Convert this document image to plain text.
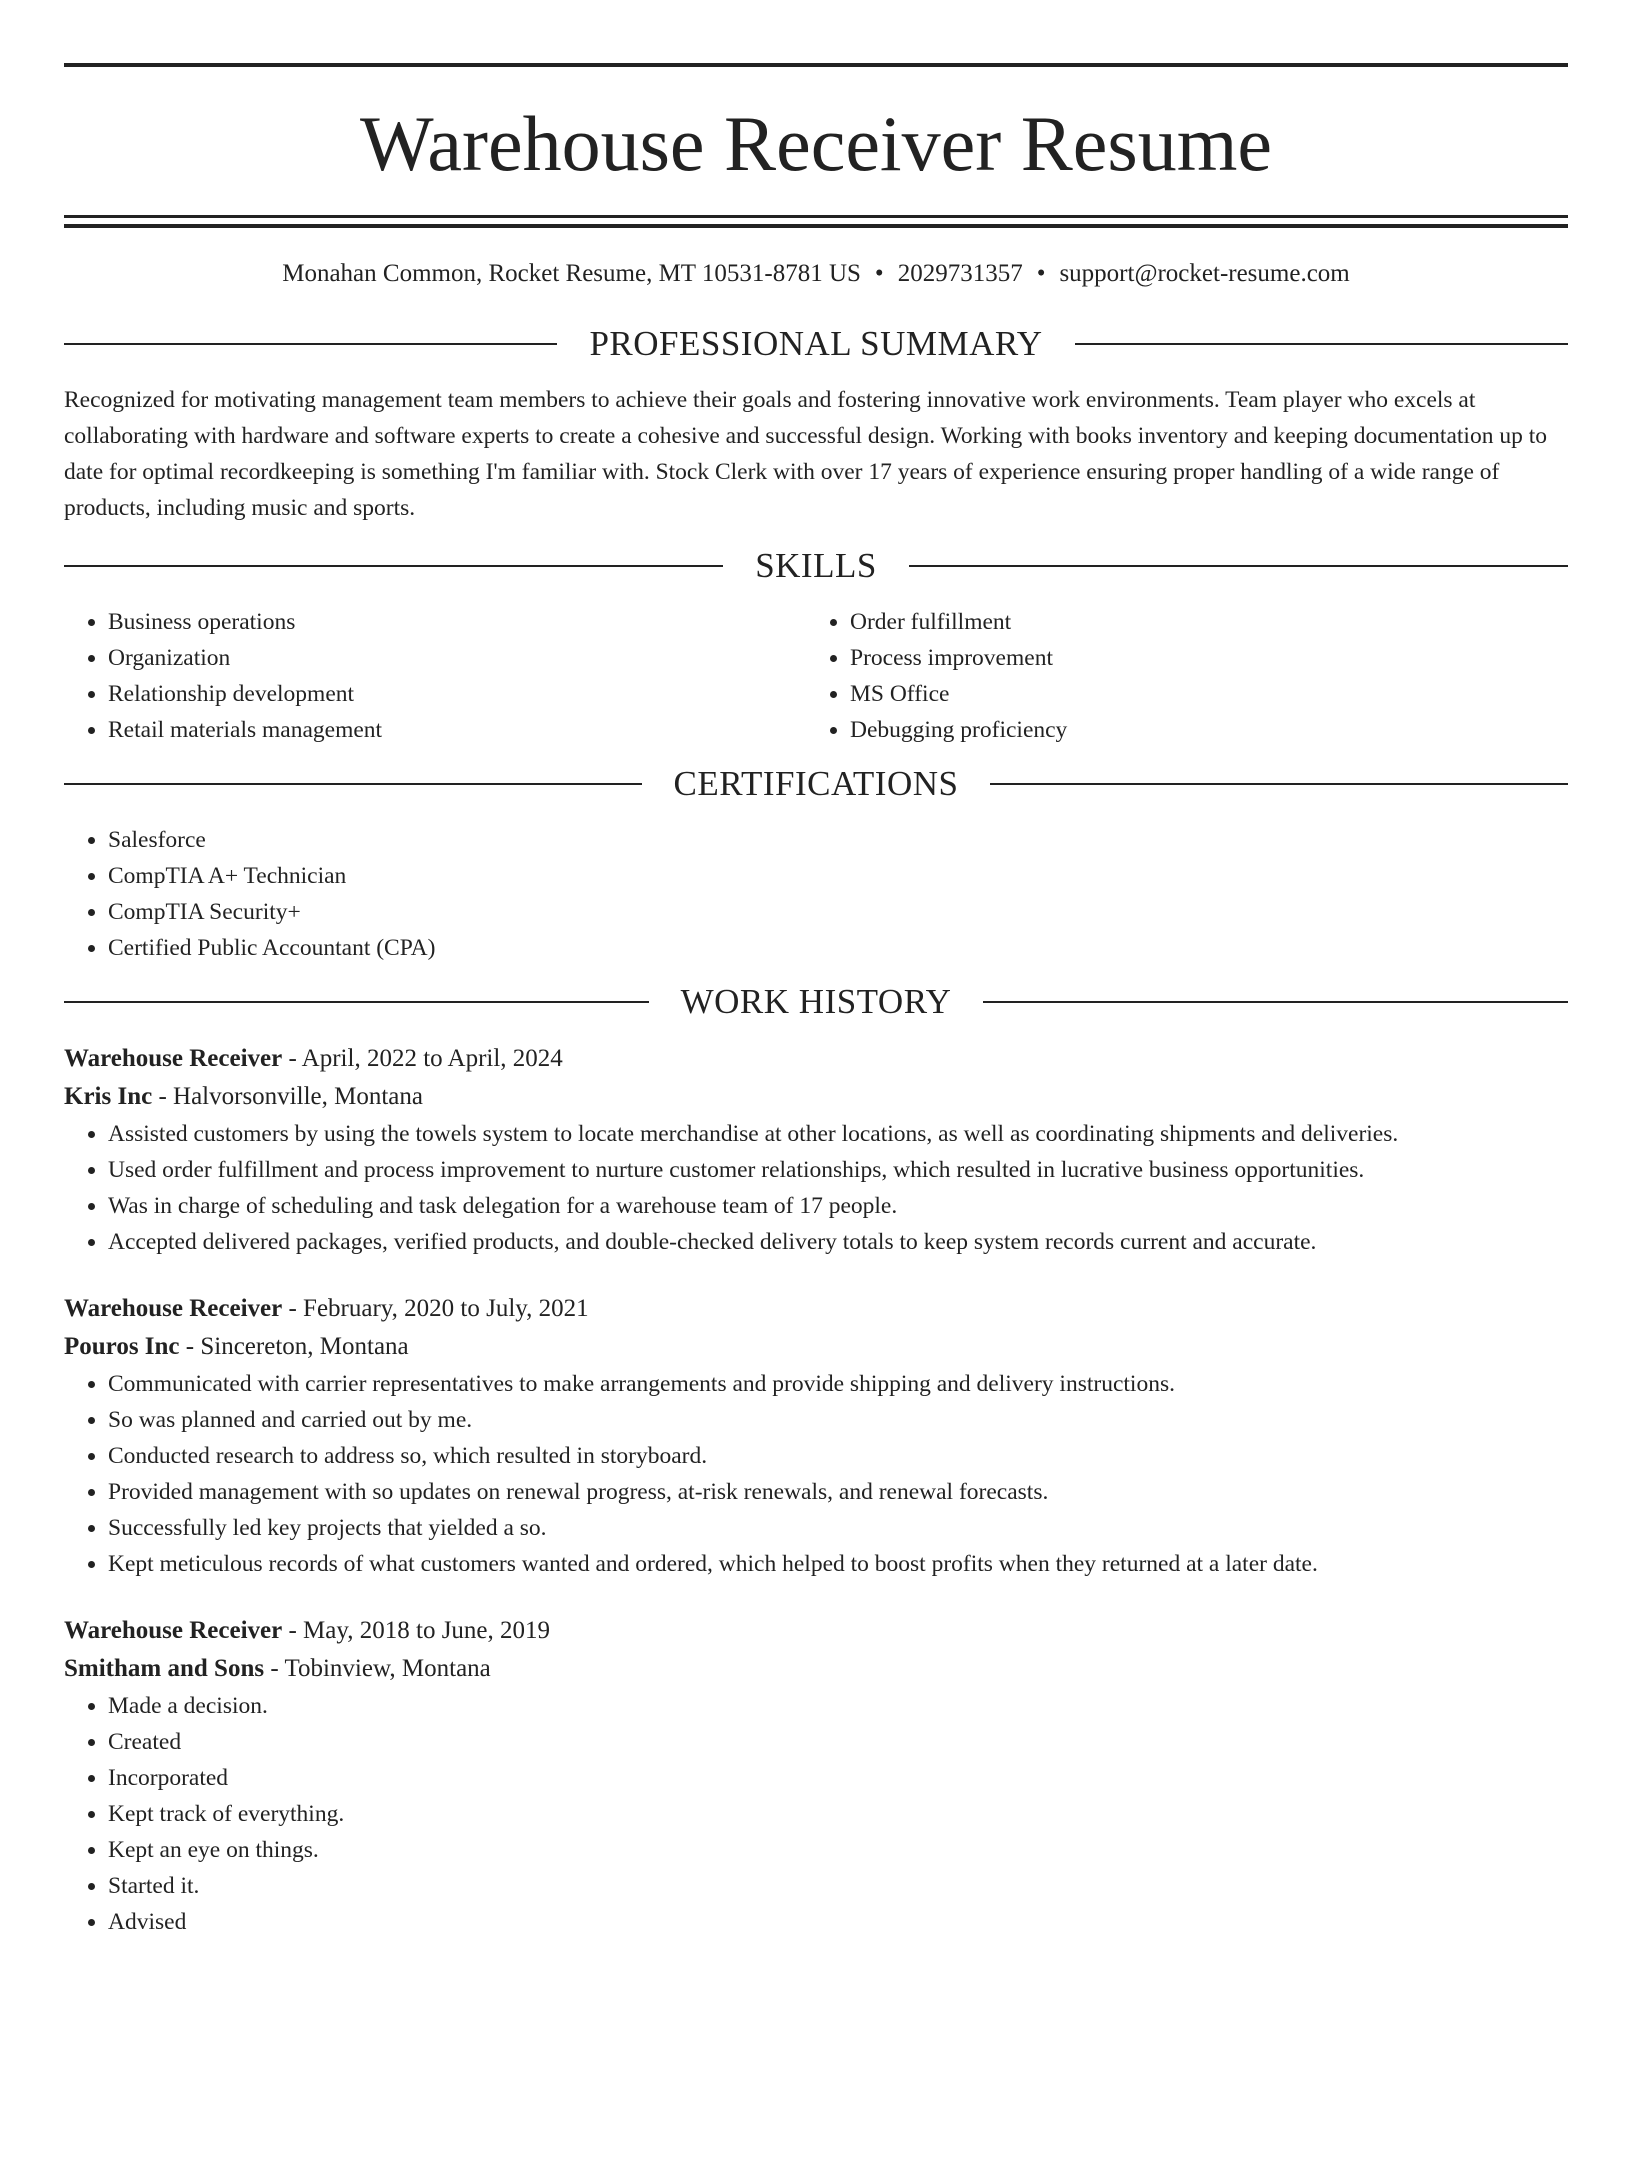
Warehouse Receiver Resume
Monahan Common, Rocket Resume, MT 10531-8781 US • 2029731357 • support@rocket-resume.com
PROFESSIONAL SUMMARY
Recognized for motivating management team members to achieve their goals and fostering innovative work environments. Team player who excels at collaborating with hardware and software experts to create a cohesive and successful design. Working with books inventory and keeping documentation up to date for optimal recordkeeping is something I'm familiar with. Stock Clerk with over 17 years of experience ensuring proper handling of a wide range of products, including music and sports.
SKILLS
• Business operations
• Organization
• Relationship development
• Retail materials management
• Order fulfillment
• Process improvement
• MS Office
• Debugging proficiency
CERTIFICATIONS
• Salesforce
• CompTIA A+ Technician
• CompTIA Security+
• Certified Public Accountant (CPA)
WORK HISTORY
Warehouse Receiver - April, 2022 to April, 2024
Kris Inc - Halvorsonville, Montana
• Assisted customers by using the towels system to locate merchandise at other locations, as well as coordinating shipments and deliveries.
• Used order fulfillment and process improvement to nurture customer relationships, which resulted in lucrative business opportunities.
• Was in charge of scheduling and task delegation for a warehouse team of 17 people.
• Accepted delivered packages, verified products, and double-checked delivery totals to keep system records current and accurate.
Warehouse Receiver - February, 2020 to July, 2021
Pouros Inc - Sincereton, Montana
• Communicated with carrier representatives to make arrangements and provide shipping and delivery instructions.
• So was planned and carried out by me.
• Conducted research to address so, which resulted in storyboard.
• Provided management with so updates on renewal progress, at-risk renewals, and renewal forecasts.
• Successfully led key projects that yielded a so.
• Kept meticulous records of what customers wanted and ordered, which helped to boost profits when they returned at a later date.
Warehouse Receiver - May, 2018 to June, 2019
Smitham and Sons - Tobinview, Montana
• Made a decision.
• Created
• Incorporated
• Kept track of everything.
• Kept an eye on things.
• Started it.
• Advised
